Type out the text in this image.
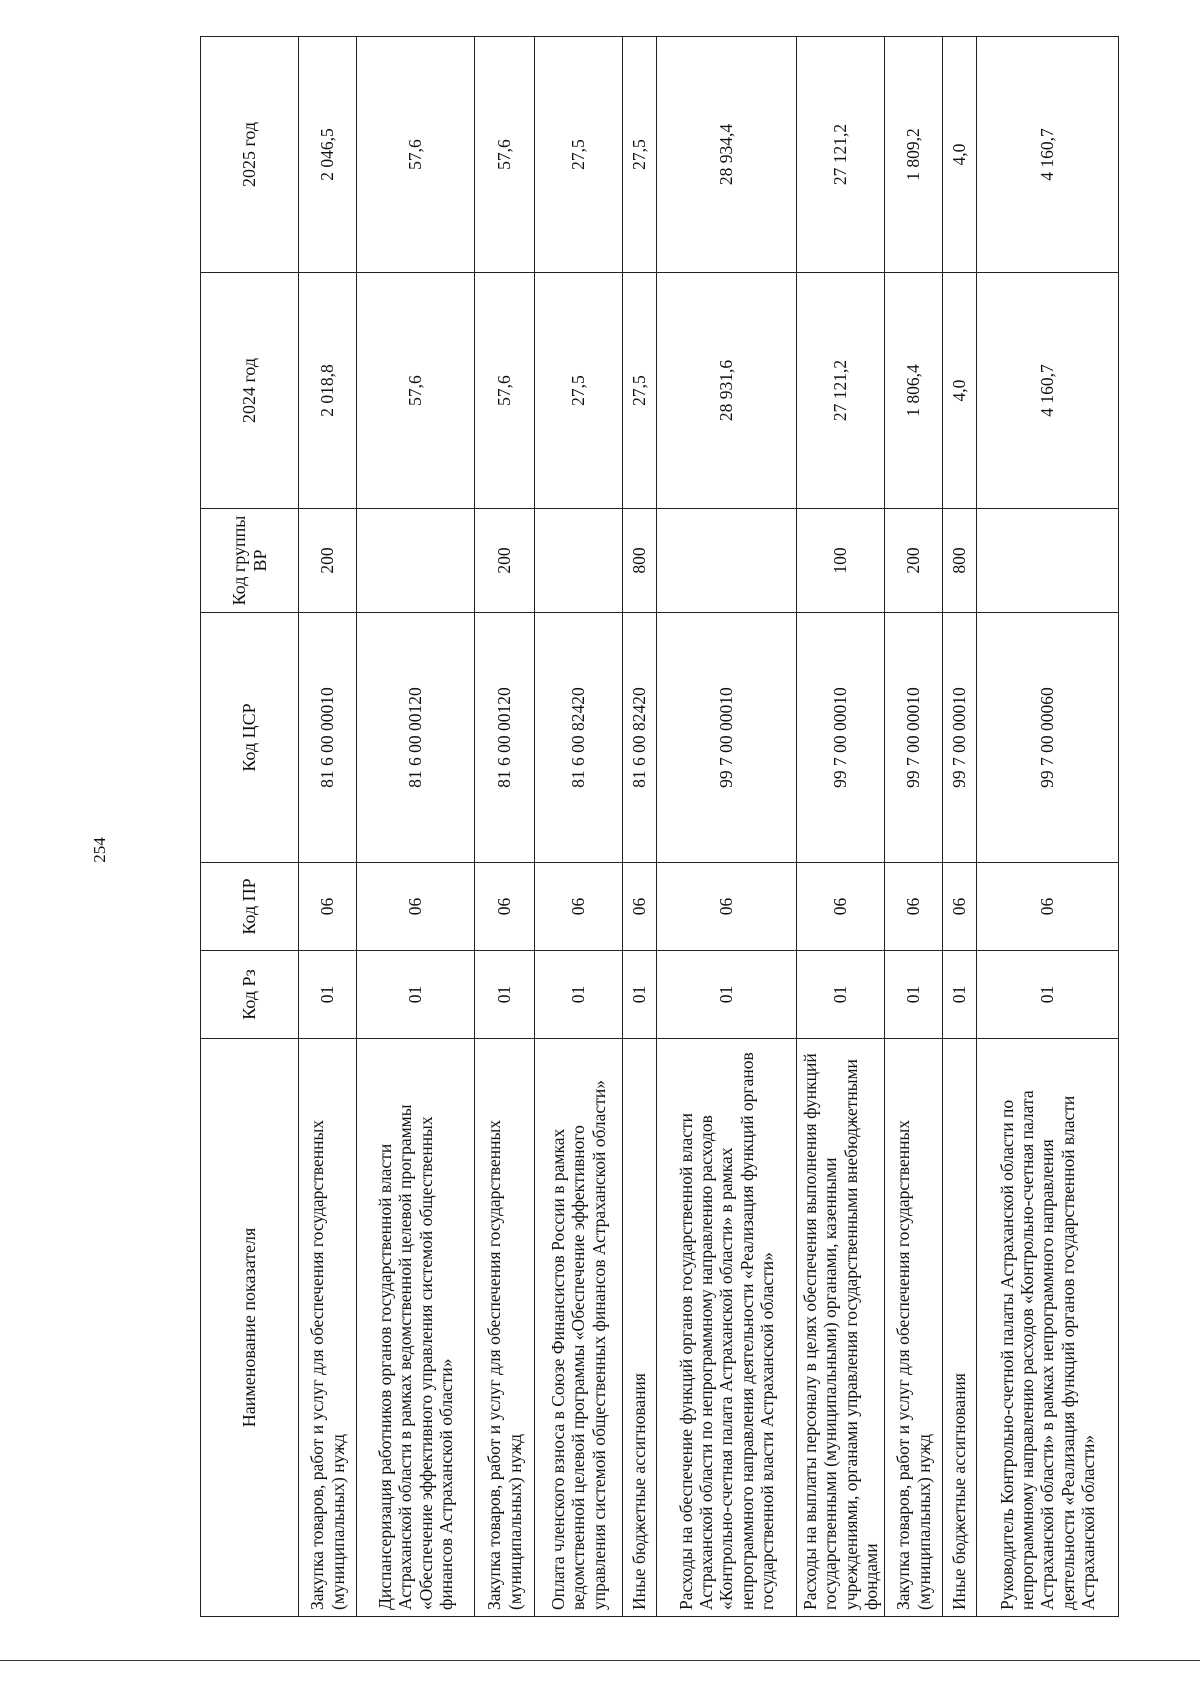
254
Наименование показателя	Код Рз	Код ПР	Код ЦСР	Код группы ВР	2024 год	2025 год
Закупка товаров, работ и услуг для обеспечения государственных (муниципальных) нужд	01	06	81 6 00 00010	200	2 018,8	2 046,5
Диспансеризация работников органов государственной власти Астраханской области в рамках ведомственной целевой программы «Обеспечение эффективного управления системой общественных финансов Астраханской области»	01	06	81 6 00 00120		57,6	57,6
Закупка товаров, работ и услуг для обеспечения государственных (муниципальных) нужд	01	06	81 6 00 00120	200	57,6	57,6
Оплата членского взноса в Союзе Финансистов России в рамках ведомственной целевой программы «Обеспечение эффективного управления системой общественных финансов Астраханской области»	01	06	81 6 00 82420		27,5	27,5
Иные бюджетные ассигнования	01	06	81 6 00 82420	800	27,5	27,5
Расходы на обеспечение функций органов государственной власти Астраханской области по непрограммному направлению расходов «Контрольно-счетная палата Астраханской области» в рамках непрограммного направления деятельности «Реализация функций органов государственной власти Астраханской области»	01	06	99 7 00 00010		28 931,6	28 934,4
Расходы на выплаты персоналу в целях обеспечения выполнения функций государственными (муниципальными) органами, казенными учреждениями, органами управления государственными внебюджетными фондами	01	06	99 7 00 00010	100	27 121,2	27 121,2
Закупка товаров, работ и услуг для обеспечения государственных (муниципальных) нужд	01	06	99 7 00 00010	200	1 806,4	1 809,2
Иные бюджетные ассигнования	01	06	99 7 00 00010	800	4,0	4,0
Руководитель Контрольно-счетной палаты Астраханской области по непрограммному направлению расходов «Контрольно-счетная палата Астраханской области» в рамках непрограммного направления деятельности «Реализация функций органов государственной власти Астраханской области»	01	06	99 7 00 00060		4 160,7	4 160,7
